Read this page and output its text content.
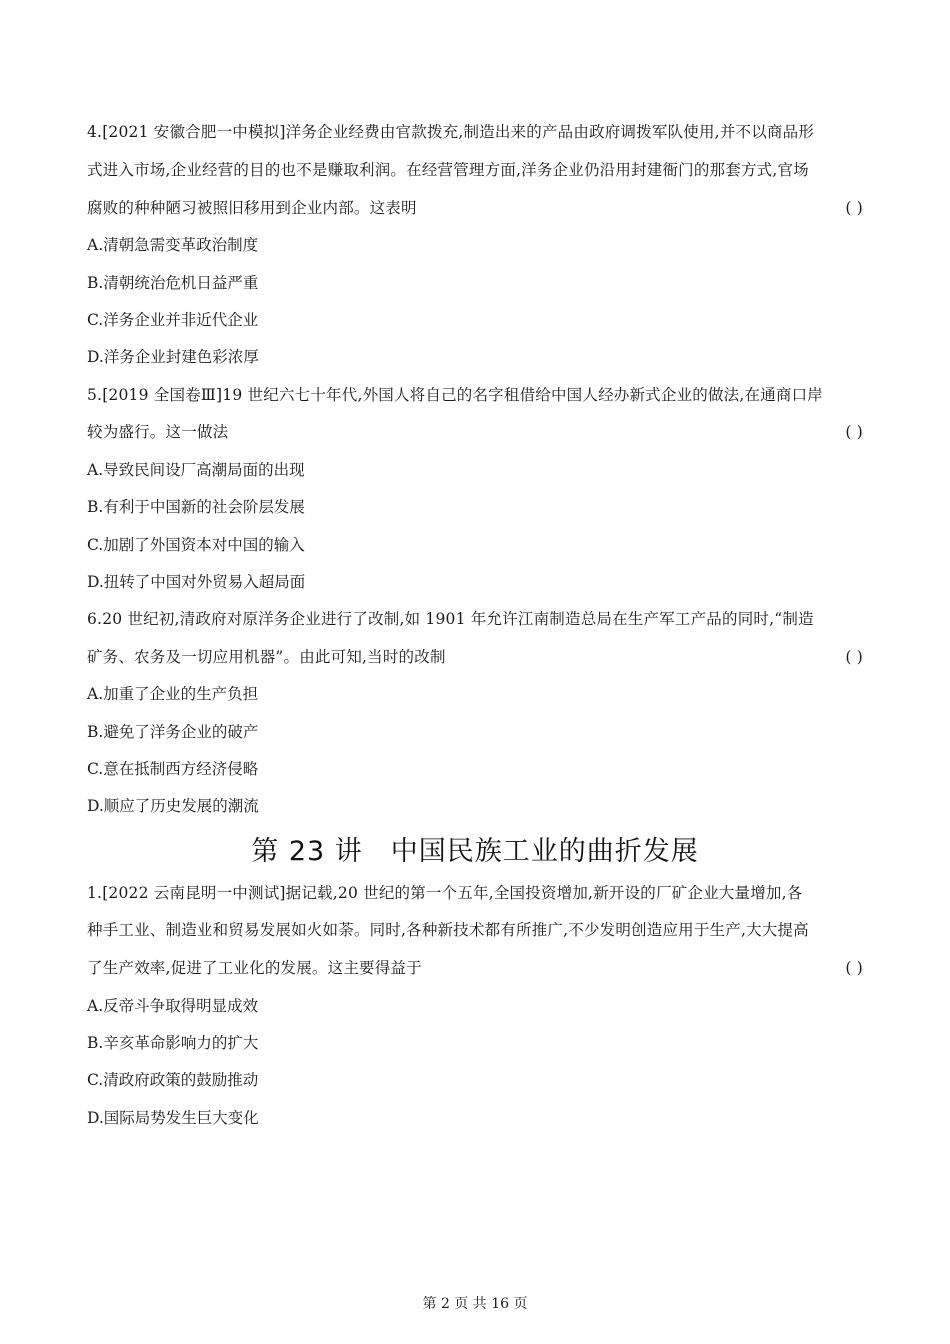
4.[2021 安徽合肥一中模拟]洋务企业经费由官款拨充,制造出来的产品由政府调拨军队使用,并不以商品形
式进入市场,企业经营的目的也不是赚取利润。在经营管理方面,洋务企业仍沿用封建衙门的那套方式,官场
腐败的种种陋习被照旧移用到企业内部。这表明	( )
A.清朝急需变革政治制度
B.清朝统治危机日益严重
C.洋务企业并非近代企业
D.洋务企业封建色彩浓厚
5.[2019 全国卷Ⅲ]19 世纪六七十年代,外国人将自己的名字租借给中国人经办新式企业的做法,在通商口岸
较为盛行。这一做法	( )
A.导致民间设厂高潮局面的出现
B.有利于中国新的社会阶层发展
C.加剧了外国资本对中国的输入
D.扭转了中国对外贸易入超局面
6.20 世纪初,清政府对原洋务企业进行了改制,如 1901 年允许江南制造总局在生产军工产品的同时,“制造
矿务、农务及一切应用机器”。由此可知,当时的改制	( )
A.加重了企业的生产负担
B.避免了洋务企业的破产
C.意在抵制西方经济侵略
D.顺应了历史发展的潮流
第 23 讲　中国民族工业的曲折发展
1.[2022 云南昆明一中测试]据记载,20 世纪的第一个五年,全国投资增加,新开设的厂矿企业大量增加,各
种手工业、制造业和贸易发展如火如荼。同时,各种新技术都有所推广,不少发明创造应用于生产,大大提高
了生产效率,促进了工业化的发展。这主要得益于	( )
A.反帝斗争取得明显成效
B.辛亥革命影响力的扩大
C.清政府政策的鼓励推动
D.国际局势发生巨大变化
第 2 页 共 16 页
